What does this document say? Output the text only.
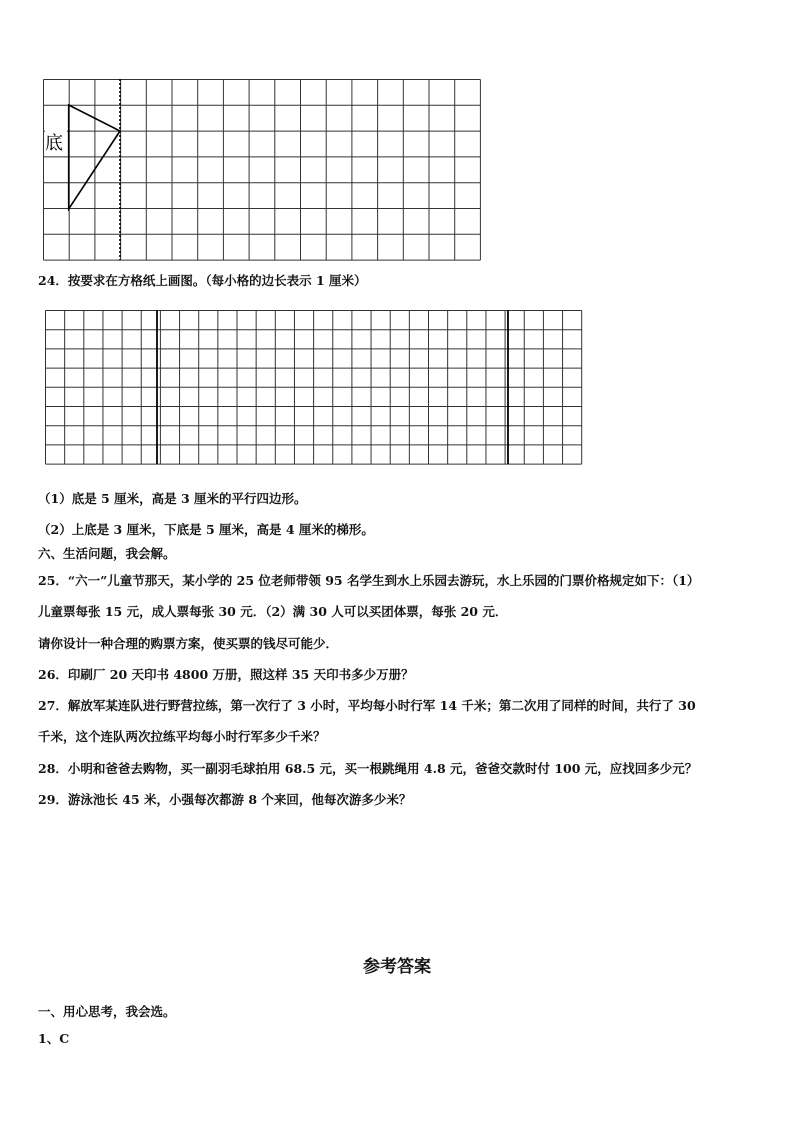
底
24．按要求在方格纸上画图。（每小格的边长表示 1 厘米）
（1）底是 5 厘米，高是 3 厘米的平行四边形。
（2）上底是 3 厘米，下底是 5 厘米，高是 4 厘米的梯形。
六、生活问题，我会解。
25．“六一”儿童节那天，某小学的 25 位老师带领 95 名学生到水上乐园去游玩，水上乐园的门票价格规定如下：（1）
儿童票每张 15 元，成人票每张 30 元．（2）满 30 人可以买团体票，每张 20 元．
请你设计一种合理的购票方案，使买票的钱尽可能少．
26．印刷厂 20 天印书 4800 万册，照这样 35 天印书多少万册？
27．解放军某连队进行野营拉练，第一次行了 3 小时，平均每小时行军 14 千米；第二次用了同样的时间，共行了 30
千米，这个连队两次拉练平均每小时行军多少千米？
28．小明和爸爸去购物，买一副羽毛球拍用 68.5 元，买一根跳绳用 4.8 元，爸爸交款时付 100 元，应找回多少元？
29．游泳池长 45 米，小强每次都游 8 个来回，他每次游多少米？
参考答案
一、用心思考，我会选。
1、C
